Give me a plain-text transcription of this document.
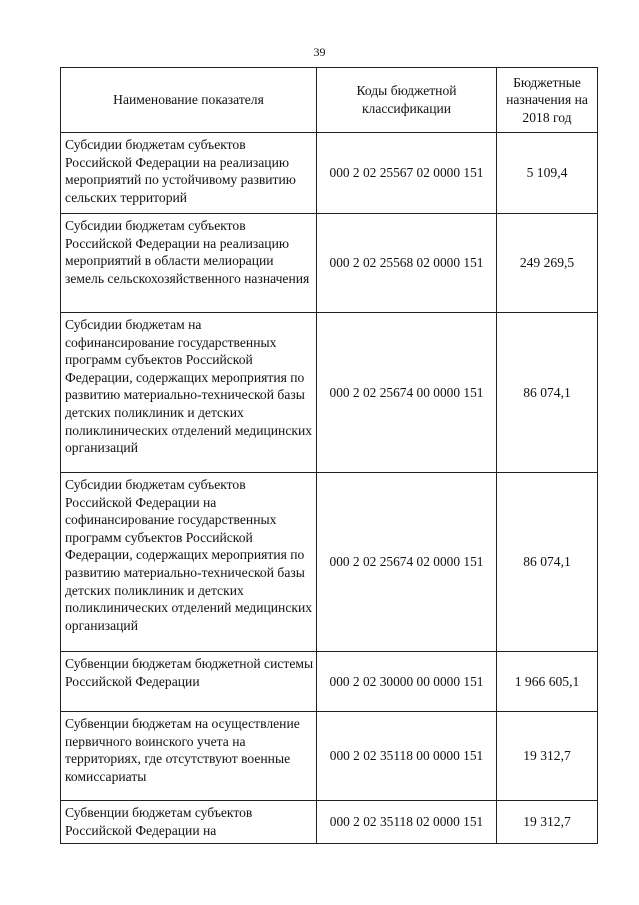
39
Наименование показателя	Коды бюджетной классификации	Бюджетные назначения на 2018 год
Субсидии бюджетам субъектов Российской Федерации на реализацию мероприятий по устойчивому развитию сельских территорий	000 2 02 25567 02 0000 151	5 109,4
Субсидии бюджетам субъектов Российской Федерации на реализацию мероприятий в области мелиорации земель сельскохозяйственного назначения	000 2 02 25568 02 0000 151	249 269,5
Субсидии бюджетам на софинансирование государственных программ субъектов Российской Федерации, содержащих мероприятия по развитию материально-технической базы детских поликлиник и детских поликлинических отделений медицинских организаций	000 2 02 25674 00 0000 151	86 074,1
Субсидии бюджетам субъектов Российской Федерации на софинансирование государственных программ субъектов Российской Федерации, содержащих мероприятия по развитию материально-технической базы детских поликлиник и детских поликлинических отделений медицинских организаций	000 2 02 25674 02 0000 151	86 074,1
Субвенции бюджетам бюджетной системы Российской Федерации	000 2 02 30000 00 0000 151	1 966 605,1
Субвенции бюджетам на осуществление первичного воинского учета на территориях, где отсутствуют военные комиссариаты	000 2 02 35118 00 0000 151	19 312,7
Субвенции бюджетам субъектов Российской Федерации на	000 2 02 35118 02 0000 151	19 312,7
